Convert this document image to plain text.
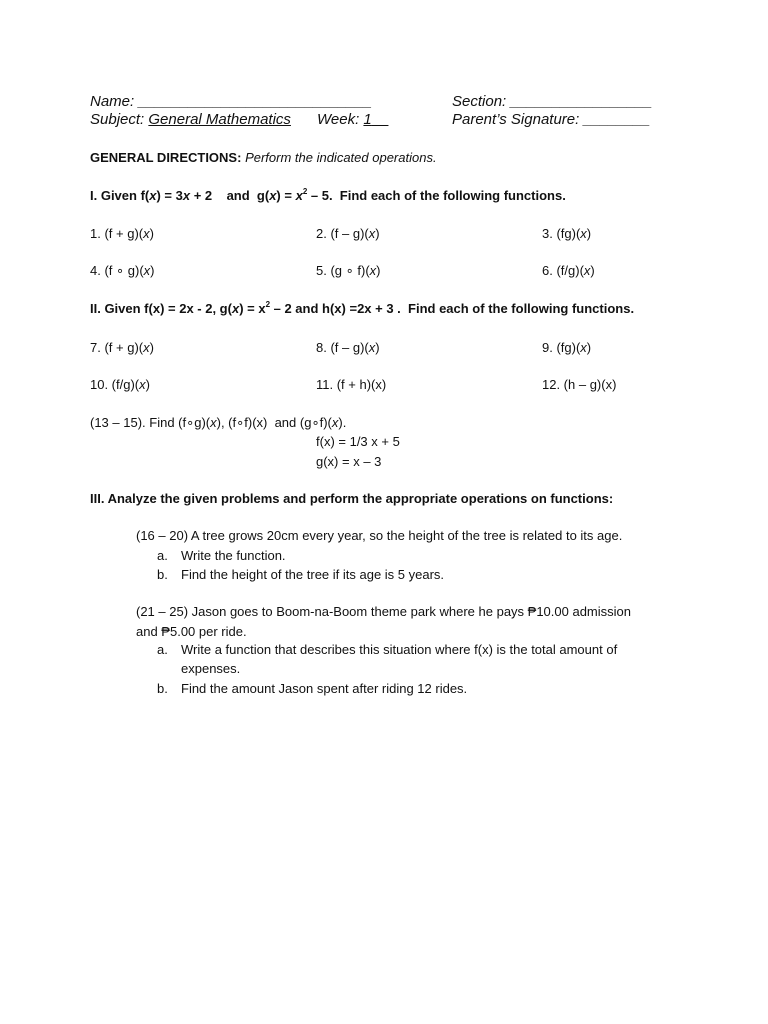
Name: ____________________________	Section: _________________
Subject: General Mathematics Week: 1__	Parent’s Signature: ________
GENERAL DIRECTIONS: Perform the indicated operations.
I. Given f(x) = 3x + 2    and  $g(x) = x^2 - 5$.  Find each of the following functions.
1. (f + g)(x)	2. (f – g)(x)	3. (fg)(x)
4. (f ∘ g)(x)	5. (g ∘ f)(x)	6. (f/g)(x)
II. Given f(x) = 2x - 2, $g(x) = x^2 - 2$ and h(x) =2x + 3 .  Find each of the following functions.
7. (f + g)(x)	8. (f – g)(x)	9. (fg)(x)
10. (f/g)(x)	11. (f + h)(x)	12. (h – g)(x)
(13 – 15). Find (f∘g)(x), (f∘f)(x)  and (g∘f)(x).
f(x) = 1/3 x + 5
g(x) = x – 3
III. Analyze the given problems and perform the appropriate operations on functions:
(16 – 20) A tree grows 20cm every year, so the height of the tree is related to its age.
a. Write the function.
b. Find the height of the tree if its age is 5 years.
(21 – 25) Jason goes to Boom-na-Boom theme park where he pays ₱10.00 admission
and ₱5.00 per ride.
a. Write a function that describes this situation where f(x) is the total amount of
expenses.
b. Find the amount Jason spent after riding 12 rides.
